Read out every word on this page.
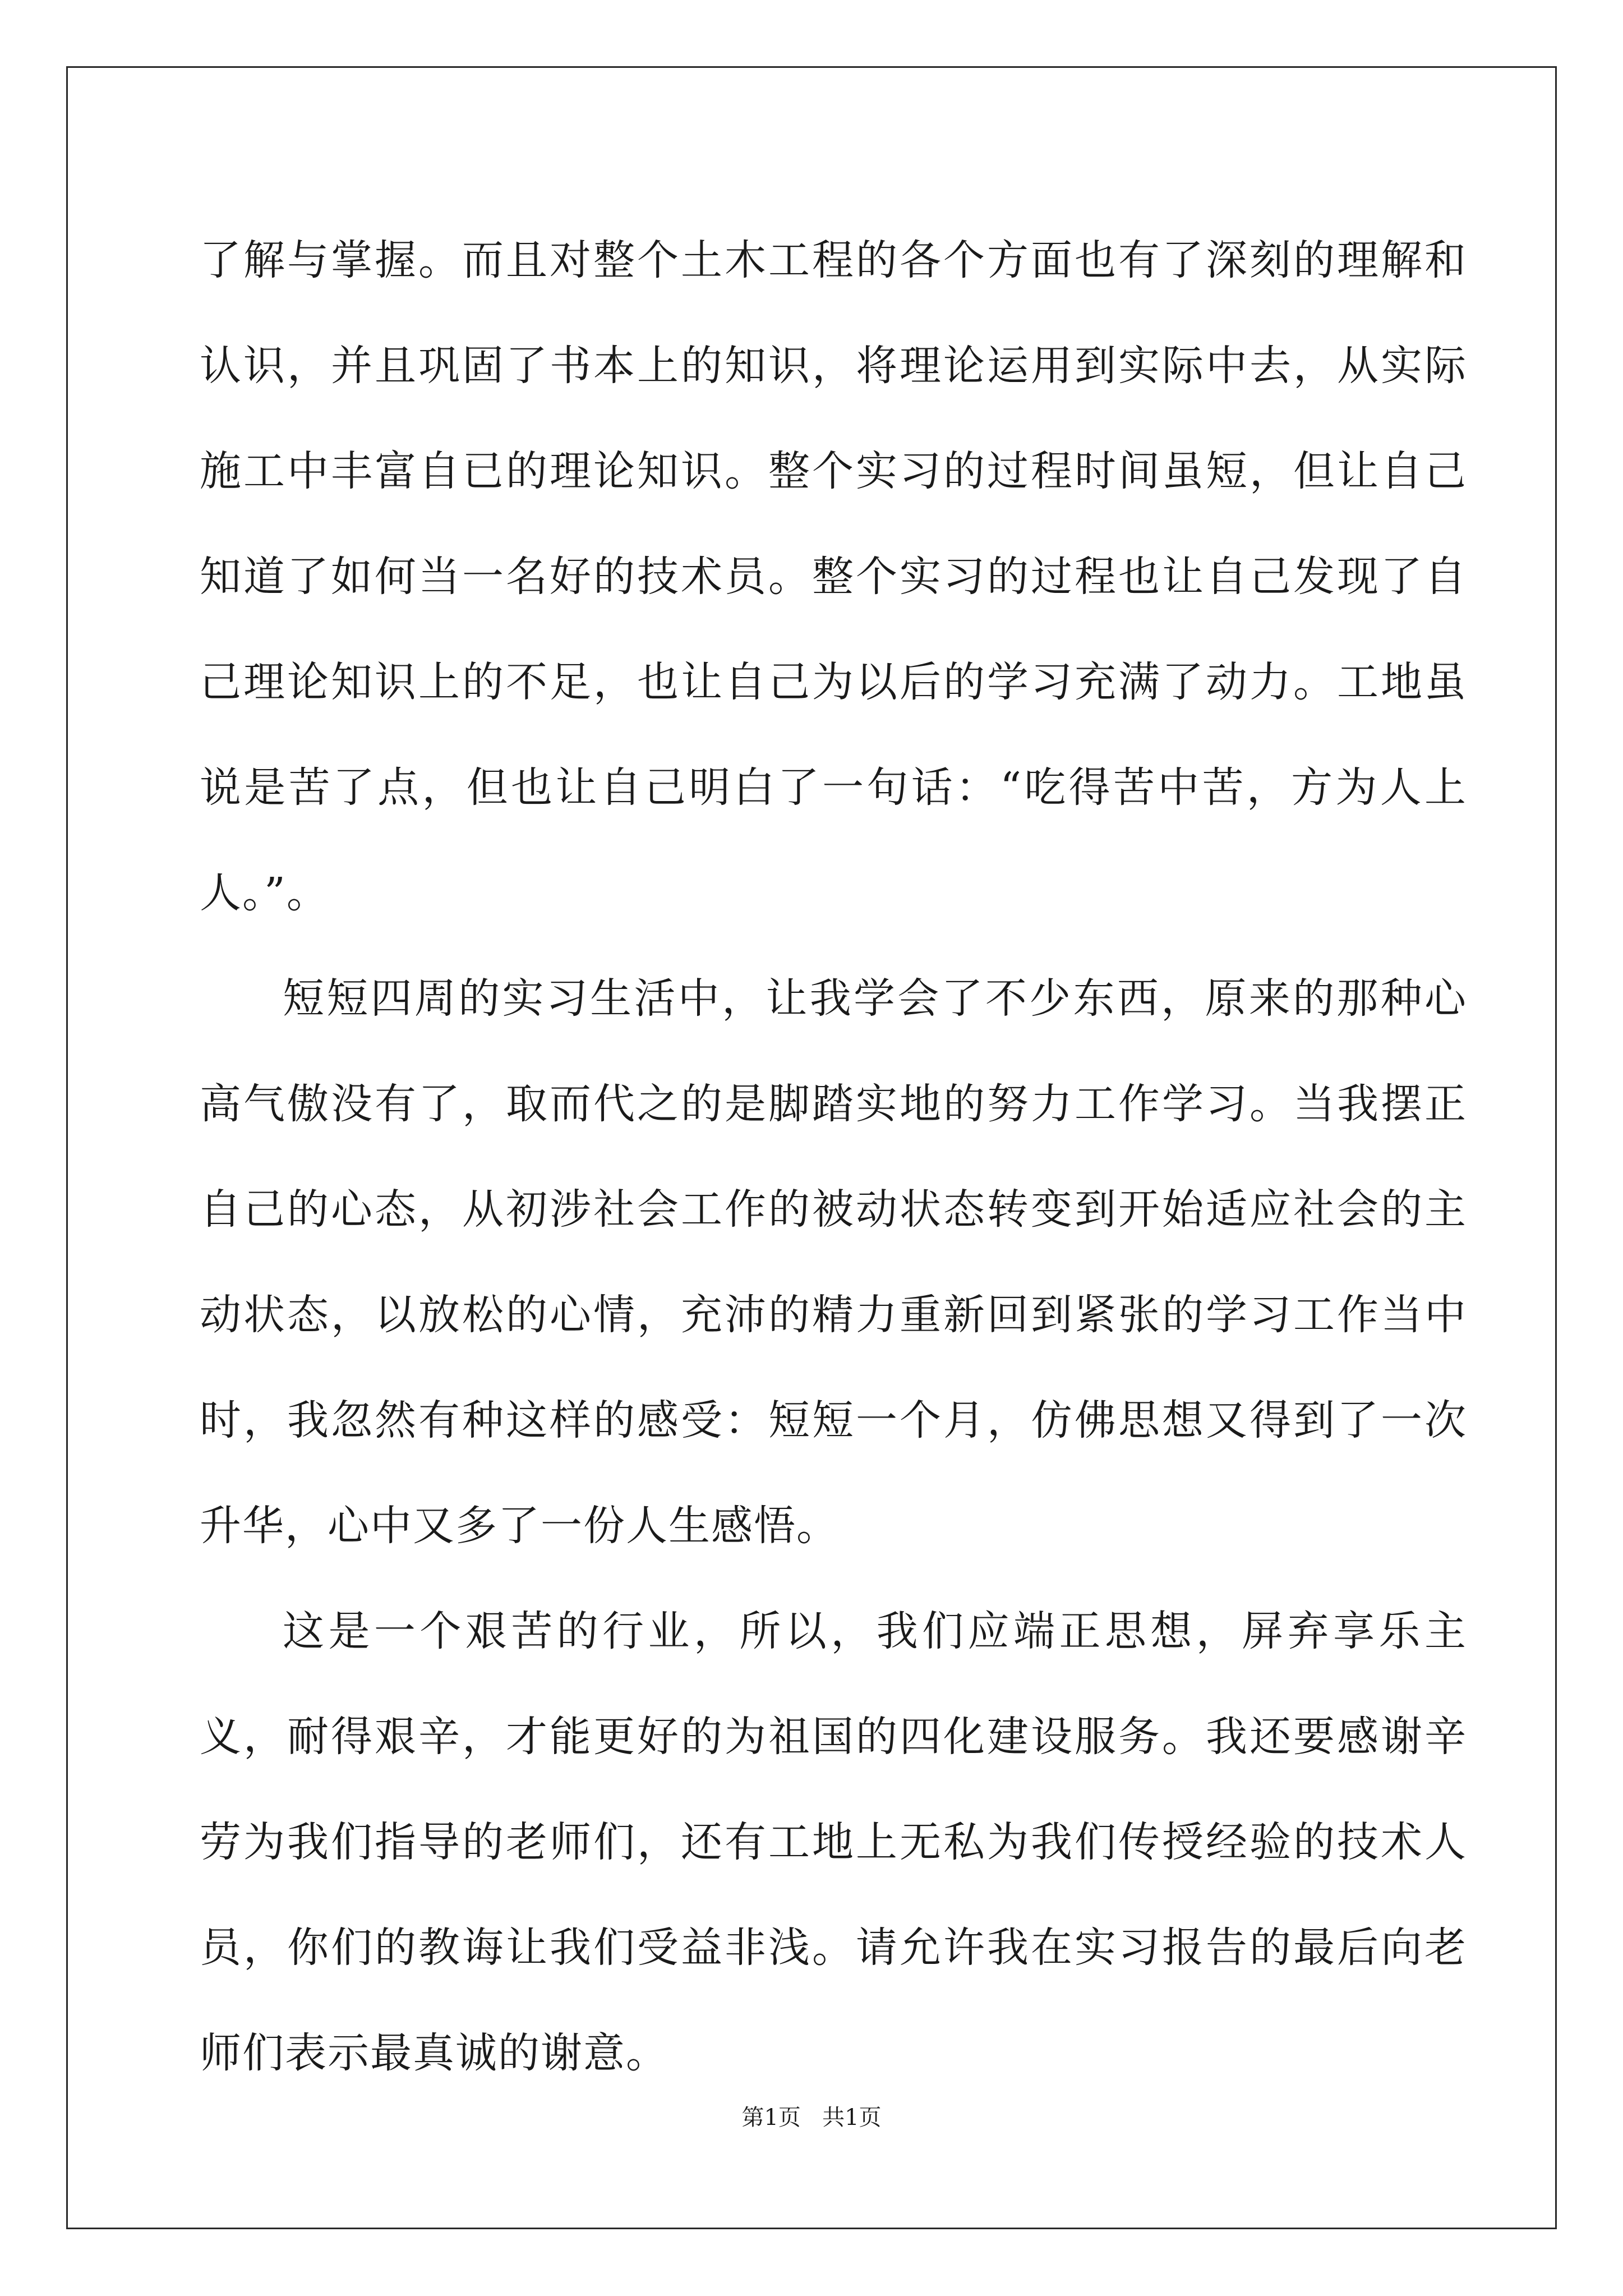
了解与掌握。而且对整个土木工程的各个方面也有了深刻的理解和认识，并且巩固了书本上的知识，将理论运用到实际中去，从实际施工中丰富自已的理论知识。整个实习的过程时间虽短，但让自己知道了如何当一名好的技术员。整个实习的过程也让自己发现了自己理论知识上的不足，也让自己为以后的学习充满了动力。工地虽说是苦了点，但也让自己明白了一句话：“吃得苦中苦，方为人上人。”。

短短四周的实习生活中，让我学会了不少东西，原来的那种心高气傲没有了，取而代之的是脚踏实地的努力工作学习。当我摆正自己的心态，从初涉社会工作的被动状态转变到开始适应社会的主动状态，以放松的心情，充沛的精力重新回到紧张的学习工作当中时，我忽然有种这样的感受：短短一个月，仿佛思想又得到了一次升华，心中又多了一份人生感悟。

这是一个艰苦的行业，所以，我们应端正思想，屏弃享乐主义，耐得艰辛，才能更好的为祖国的四化建设服务。我还要感谢辛劳为我们指导的老师们，还有工地上无私为我们传授经验的技术人员，你们的教诲让我们受益非浅。请允许我在实习报告的最后向老师们表示最真诚的谢意。

第1页 共1页
